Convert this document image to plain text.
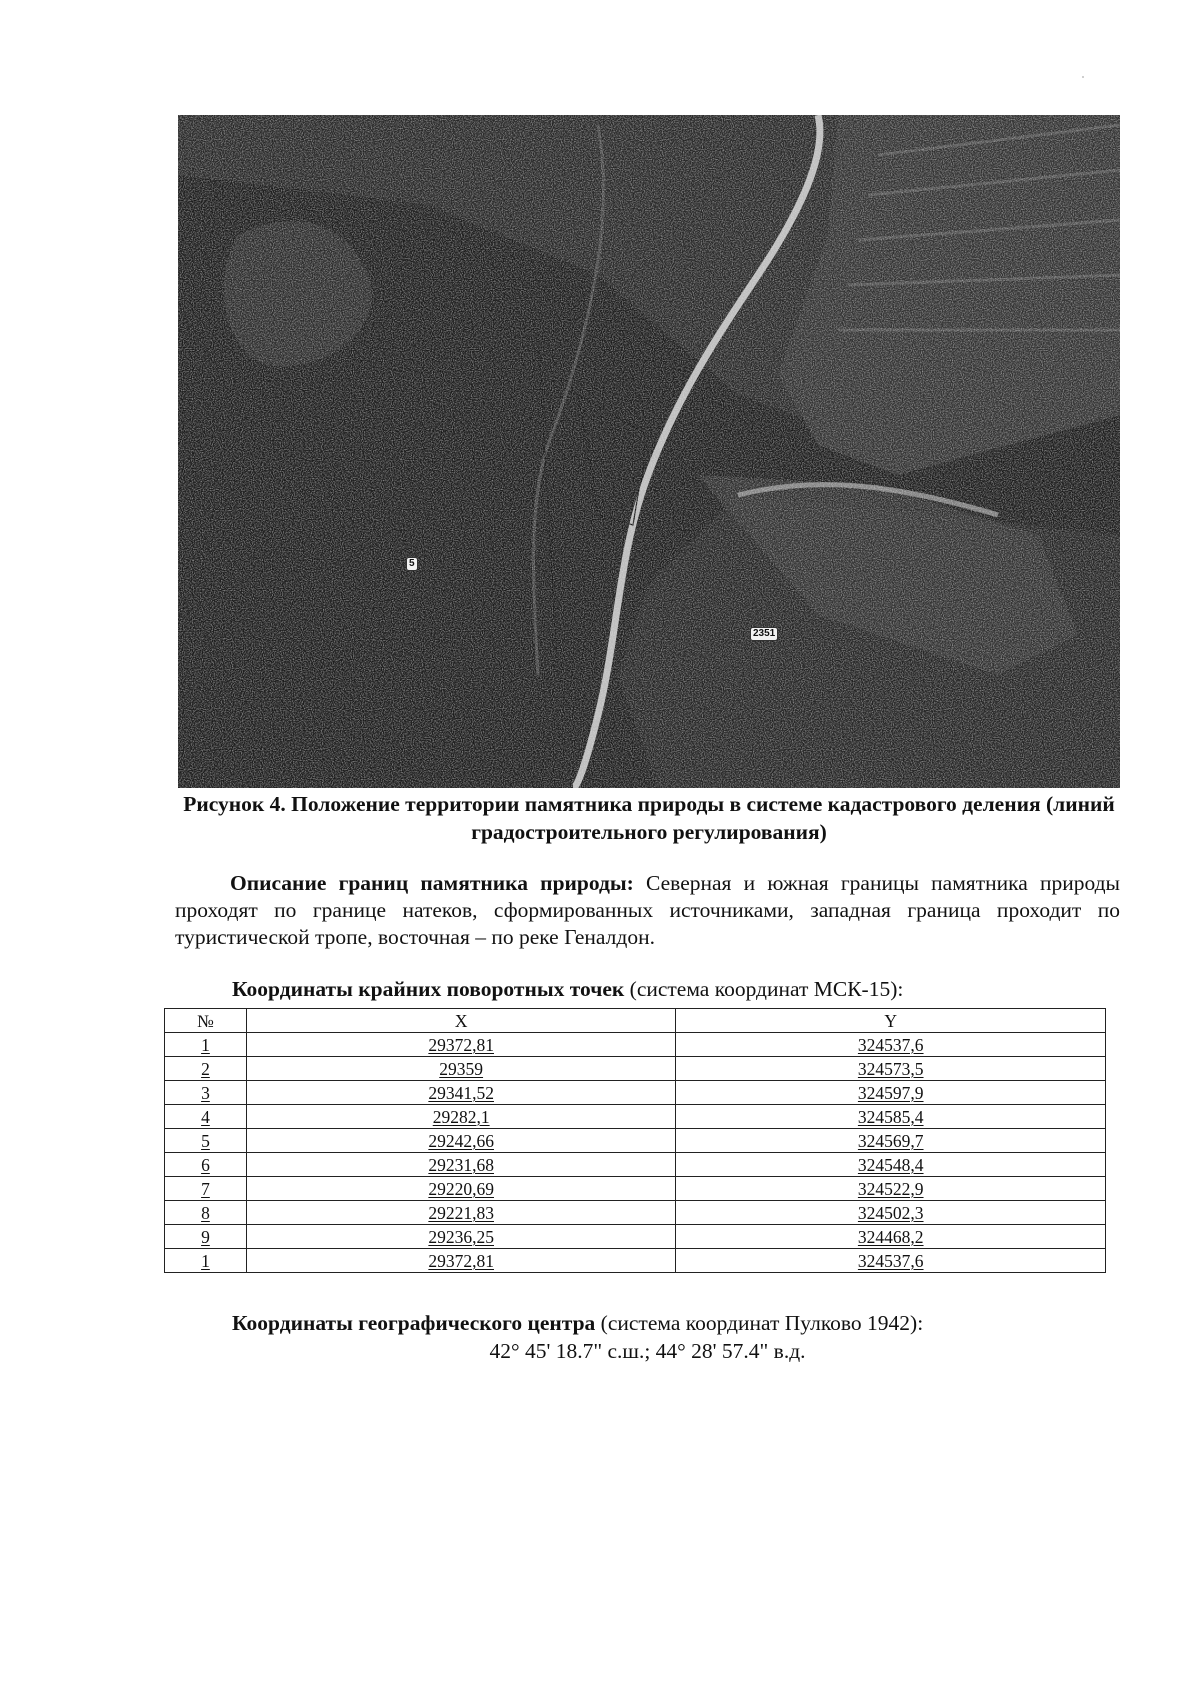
5
2351
Рисунок 4. Положение территории памятника природы в системе кадастрового деления (линий градостроительного регулирования)
Описание границ памятника природы: Северная и южная границы памятника природы проходят по границе натеков, сформированных источниками, западная граница проходит по туристической тропе, восточная – по реке Геналдон.
Координаты крайних поворотных точек (система координат МСК-15):
№	X	Y
1	29372,81	324537,6
2	29359	324573,5
3	29341,52	324597,9
4	29282,1	324585,4
5	29242,66	324569,7
6	29231,68	324548,4
7	29220,69	324522,9
8	29221,83	324502,3
9	29236,25	324468,2
1	29372,81	324537,6
Координаты географического центра (система координат Пулково 1942):
42° 45' 18.7" с.ш.; 44° 28' 57.4" в.д.
